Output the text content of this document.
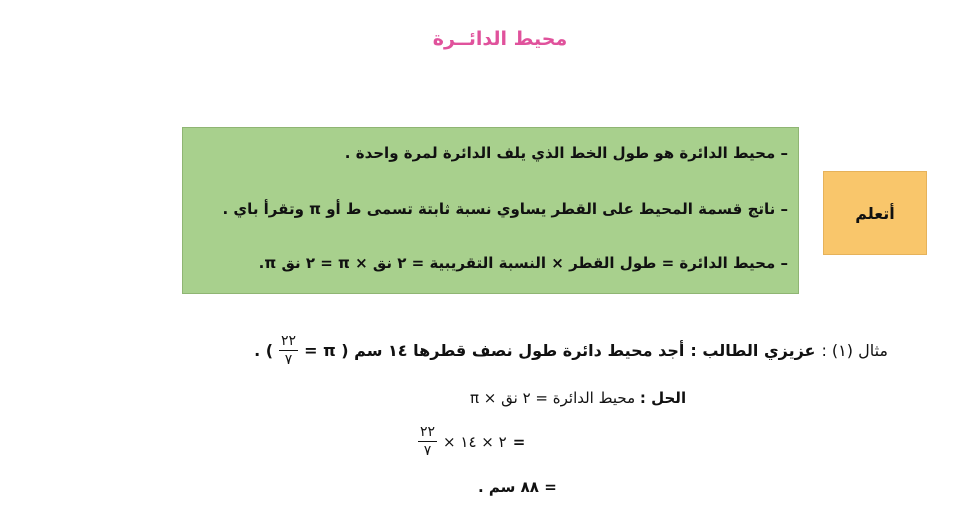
محيط الدائــرة
– محيط الدائرة هو طول الخط الذي يلف الدائرة لمرة واحدة .
– ناتج قسمة المحيط على القطر يساوي نسبة ثابتة تسمى ط أو π وتقرأ باي .
– محيط الدائرة = طول القطر × النسبة التقريبية = ٢ نق × π = ٢ نق π.
أتعلم
مثال (١) :
عزيزي الطالب :
أجد محيط دائرة طول نصف قطرها ١٤ سم ( π =
$\frac{٢٢}{٧}$
) .
الحل : محيط الدائرة = ٢ نق × π
$\frac{٢٢}{٧}$ ٢ × ١٤ × =
= ٨٨ سم .
